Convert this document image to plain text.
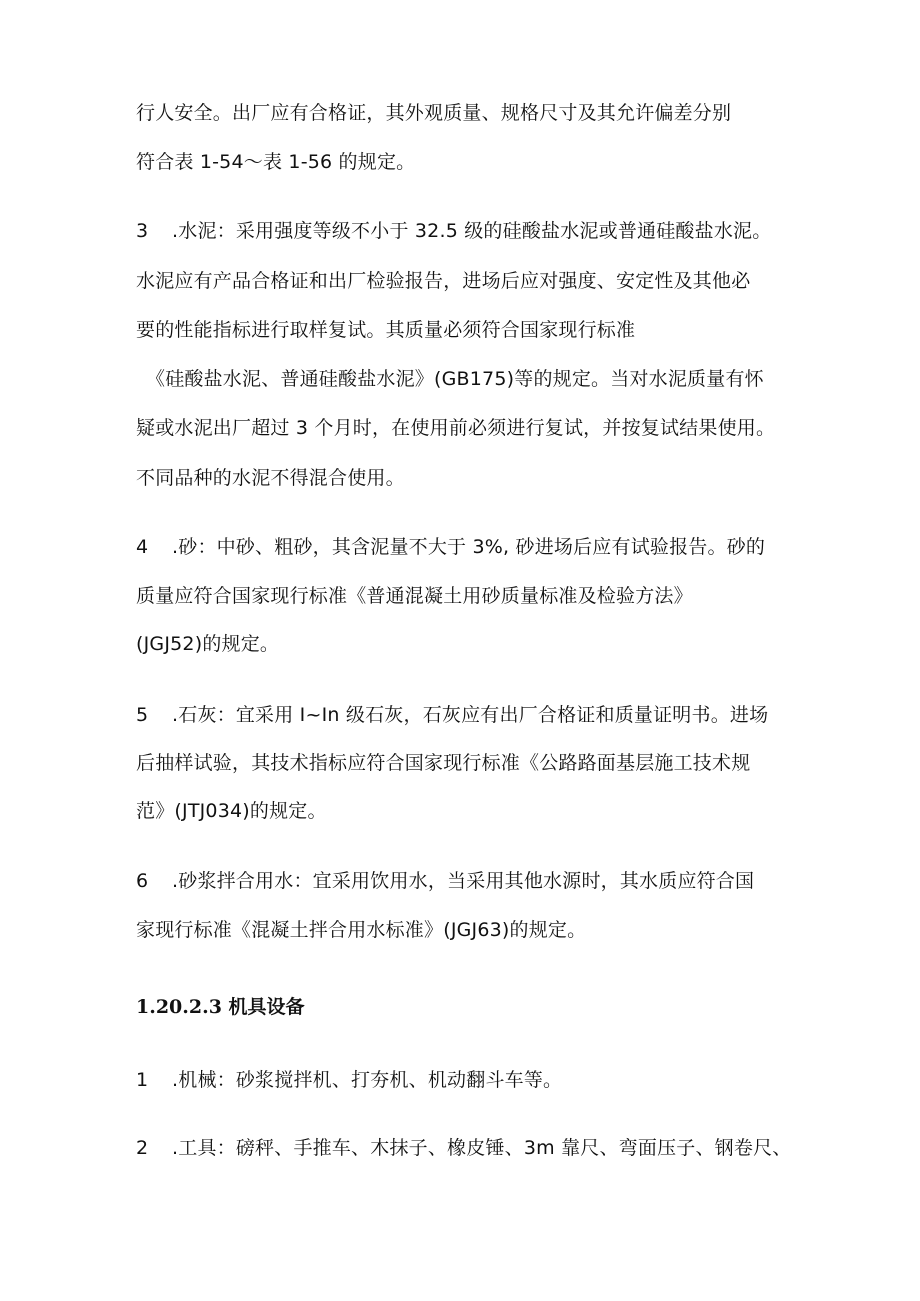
行人安全。出厂应有合格证，其外观质量、规格尺寸及其允许偏差分别
符合表 1-54～表 1-56 的规定。
3 .水泥：采用强度等级不小于 32.5 级的硅酸盐水泥或普通硅酸盐水泥。
水泥应有产品合格证和出厂检验报告，进场后应对强度、安定性及其他必
要的性能指标进行取样复试。其质量必须符合国家现行标准
《硅酸盐水泥、普通硅酸盐水泥》(GB175)等的规定。当对水泥质量有怀
疑或水泥出厂超过 3 个月时，在使用前必须进行复试，并按复试结果使用。
不同品种的水泥不得混合使用。
4 .砂：中砂、粗砂，其含泥量不大于 3%, 砂进场后应有试验报告。砂的
质量应符合国家现行标准《普通混凝土用砂质量标准及检验方法》
(JGJ52)的规定。
5 .石灰：宜采用 I~In 级石灰，石灰应有出厂合格证和质量证明书。进场
后抽样试验，其技术指标应符合国家现行标准《公路路面基层施工技术规
范》(JTJ034)的规定。
6 .砂浆拌合用水：宜采用饮用水，当采用其他水源时，其水质应符合国
家现行标准《混凝土拌合用水标准》(JGJ63)的规定。
1.20.2.3 机具设备
1 .机械：砂浆搅拌机、打夯机、机动翻斗车等。
2 .工具：磅秤、手推车、木抹子、橡皮锤、3m 靠尺、弯面压子、钢卷尺、
